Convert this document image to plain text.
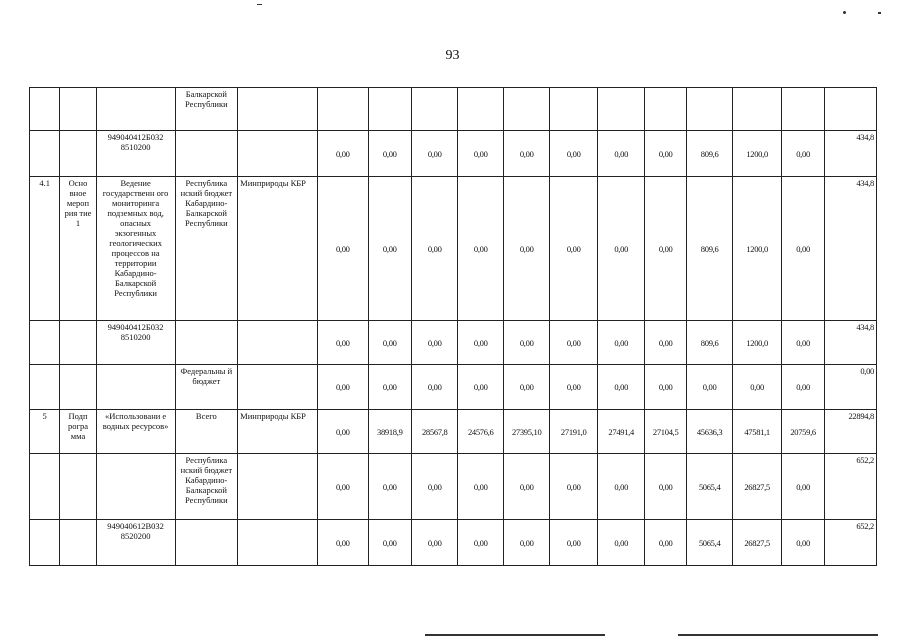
93
			Балкарской Республики													
		949040412Б032 8510200			0,00	0,00	0,00	0,00	0,00	0,00	0,00	0,00	809,6	1200,0	0,00	434,8
4.1	Осно вное мероп рия тие 1	Ведение государственн ого мониторинга подземных вод, опасных экзогенных геологических процессов на территории Кабардино- Балкарской Республики	Республика нский бюджет Кабардино- Балкарской Республики	Минприроды КБР	0,00	0,00	0,00	0,00	0,00	0,00	0,00	0,00	809,6	1200,0	0,00	434,8
		949040412Б032 8510200			0,00	0,00	0,00	0,00	0,00	0,00	0,00	0,00	809,6	1200,0	0,00	434,8
			Федеральны й бюджет		0,00	0,00	0,00	0,00	0,00	0,00	0,00	0,00	0,00	0,00	0,00	0,00
5	Подп рогра мма	«Использовани е водных ресурсов»	Всего	Минприроды КБР	0,00	38918,9	28567,8	24576,6	27395,10	27191,0	27491,4	27104,5	45636,3	47581,1	20759,6	22894,8
			Республика нский бюджет Кабардино- Балкарской Республики		0,00	0,00	0,00	0,00	0,00	0,00	0,00	0,00	5065,4	26827,5	0,00	652,2
		949040612В032 8520200			0,00	0,00	0,00	0,00	0,00	0,00	0,00	0,00	5065,4	26827,5	0,00	652,2
